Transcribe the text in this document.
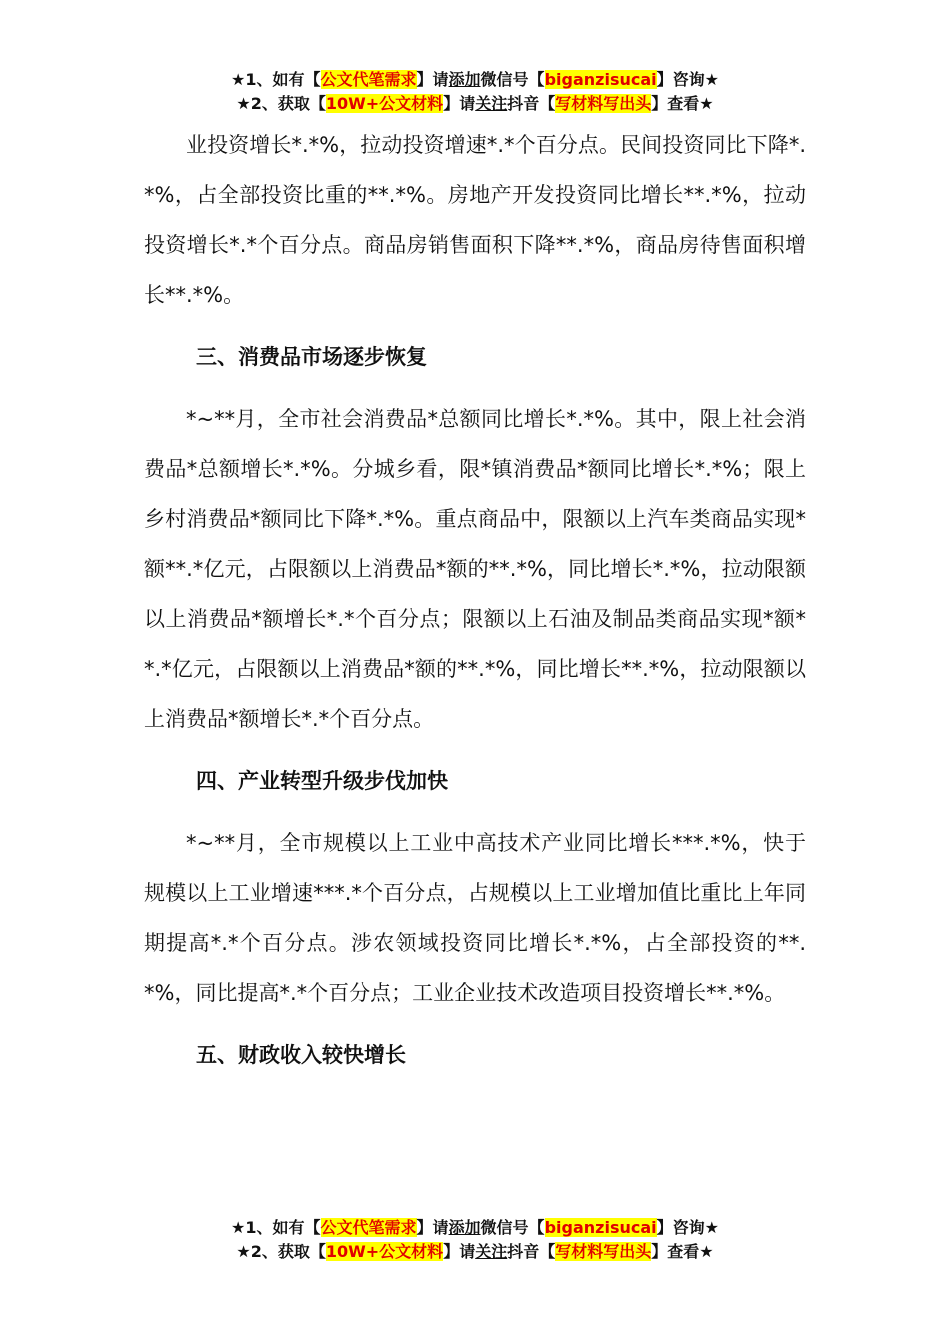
★1、如有【公文代笔需求】请添加微信号【biganzisucai】咨询★
★2、获取【10W+公文材料】请关注抖音【写材料写出头】查看★

业投资增长*.*%，拉动投资增速*.*个百分点。民间投资同比下降*.*%，占全部投资比重的**.*%。房地产开发投资同比增长**.*%，拉动投资增长*.*个百分点。商品房销售面积下降**.*%，商品房待售面积增长**.*%。

三、消费品市场逐步恢复

*~**月，全市社会消费品*总额同比增长*.*%。其中，限上社会消费品*总额增长*.*%。分城乡看，限*镇消费品*额同比增长*.*%；限上乡村消费品*额同比下降*.*%。重点商品中，限额以上汽车类商品实现*额**.*亿元，占限额以上消费品*额的**.*%，同比增长*.*%，拉动限额以上消费品*额增长*.*个百分点；限额以上石油及制品类商品实现*额**.*亿元，占限额以上消费品*额的**.*%，同比增长**.*%，拉动限额以上消费品*额增长*.*个百分点。

四、产业转型升级步伐加快

*~**月，全市规模以上工业中高技术产业同比增长***.*%，快于规模以上工业增速***.*个百分点，占规模以上工业增加值比重比上年同期提高*.*个百分点。涉农领域投资同比增长*.*%，占全部投资的**.*%，同比提高*.*个百分点；工业企业技术改造项目投资增长**.*%。

五、财政收入较快增长

★1、如有【公文代笔需求】请添加微信号【biganzisucai】咨询★
★2、获取【10W+公文材料】请关注抖音【写材料写出头】查看★
